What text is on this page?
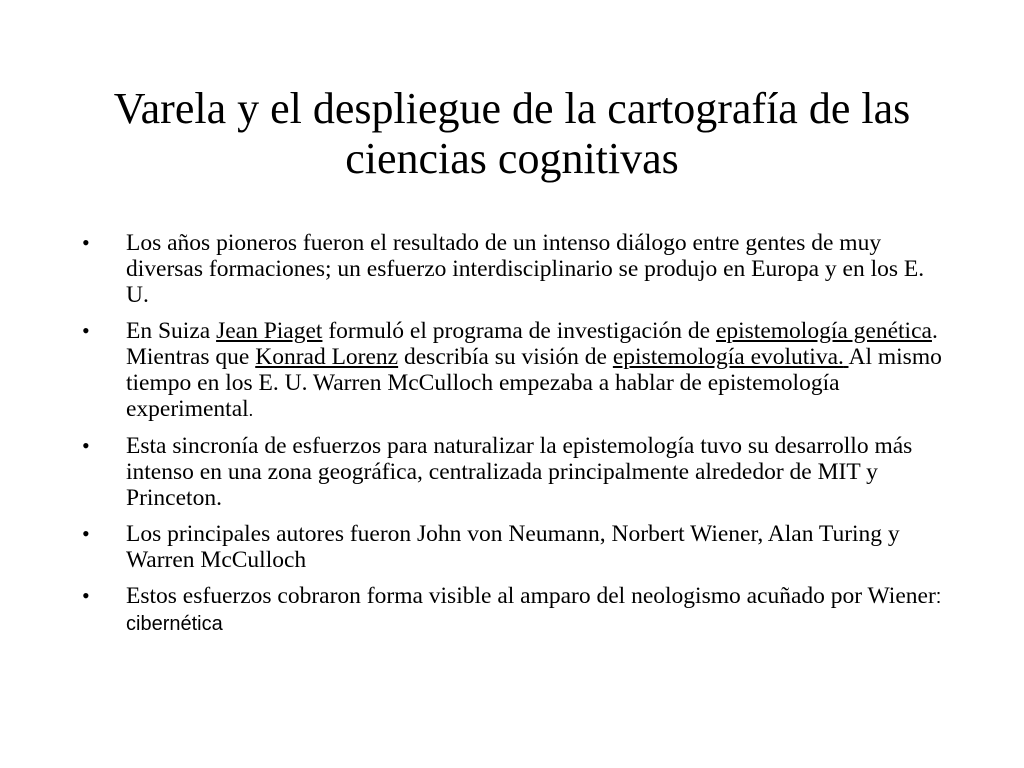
Varela y el despliegue de la cartografía de las
ciencias cognitivas
•	Los años pioneros fueron el resultado de un intenso diálogo entre gentes de muy diversas formaciones; un esfuerzo interdisciplinario se produjo en Europa y en los E. U.
•	En Suiza Jean Piaget formuló el programa de investigación de epistemología genética. Mientras que Konrad Lorenz describía su visión de epistemología evolutiva. Al mismo tiempo en los E. U. Warren McCulloch empezaba a hablar de epistemología experimental.
•	Esta sincronía de esfuerzos para naturalizar la epistemología tuvo su desarrollo más intenso en una zona geográfica, centralizada principalmente alrededor de MIT y Princeton.
•	Los principales autores fueron John von Neumann, Norbert Wiener, Alan Turing y Warren McCulloch
•	Estos esfuerzos cobraron forma visible al amparo del neologismo acuñado por Wiener: cibernética
